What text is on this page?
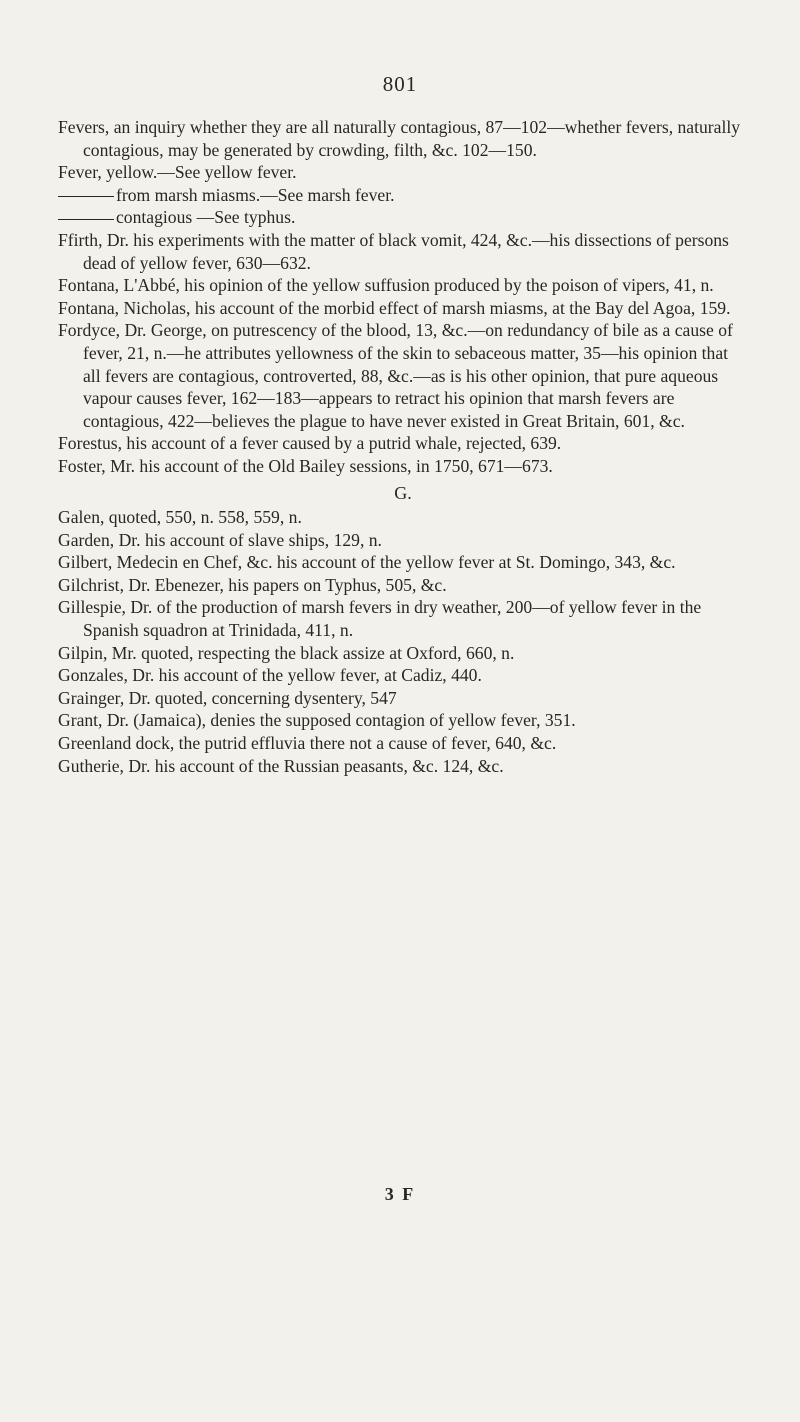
801

Fevers, an inquiry whether they are all naturally contagious, 87—102—whether fevers, naturally contagious, may be generated by crowding, filth, &c. 102—150.

Fever, yellow.—See yellow fever.

from marsh miasms.—See marsh fever.

contagious —See typhus.

Ffirth, Dr. his experiments with the matter of black vomit, 424, &c.—his dissections of persons dead of yellow fever, 630—632.

Fontana, L'Abbé, his opinion of the yellow suffusion produced by the poison of vipers, 41, n.

Fontana, Nicholas, his account of the morbid effect of marsh miasms, at the Bay del Agoa, 159.

Fordyce, Dr. George, on putrescency of the blood, 13, &c.—on redundancy of bile as a cause of fever, 21, n.—he attributes yellowness of the skin to sebaceous matter, 35—his opinion that all fevers are contagious, controverted, 88, &c.—as is his other opinion, that pure aqueous vapour causes fever, 162—183—appears to retract his opinion that marsh fevers are contagious, 422—believes the plague to have never existed in Great Britain, 601, &c.

Forestus, his account of a fever caused by a putrid whale, rejected, 639.

Foster, Mr. his account of the Old Bailey sessions, in 1750, 671—673.

G.

Galen, quoted, 550, n. 558, 559, n.

Garden, Dr. his account of slave ships, 129, n.

Gilbert, Medecin en Chef, &c. his account of the yellow fever at St. Domingo, 343, &c.

Gilchrist, Dr. Ebenezer, his papers on Typhus, 505, &c.

Gillespie, Dr. of the production of marsh fevers in dry weather, 200—of yellow fever in the Spanish squadron at Trinidada, 411, n.

Gilpin, Mr. quoted, respecting the black assize at Oxford, 660, n.

Gonzales, Dr. his account of the yellow fever, at Cadiz, 440.

Grainger, Dr. quoted, concerning dysentery, 547

Grant, Dr. (Jamaica), denies the supposed contagion of yellow fever, 351.

Greenland dock, the putrid effluvia there not a cause of fever, 640, &c.

Gutherie, Dr. his account of the Russian peasants, &c. 124, &c.

3 F
